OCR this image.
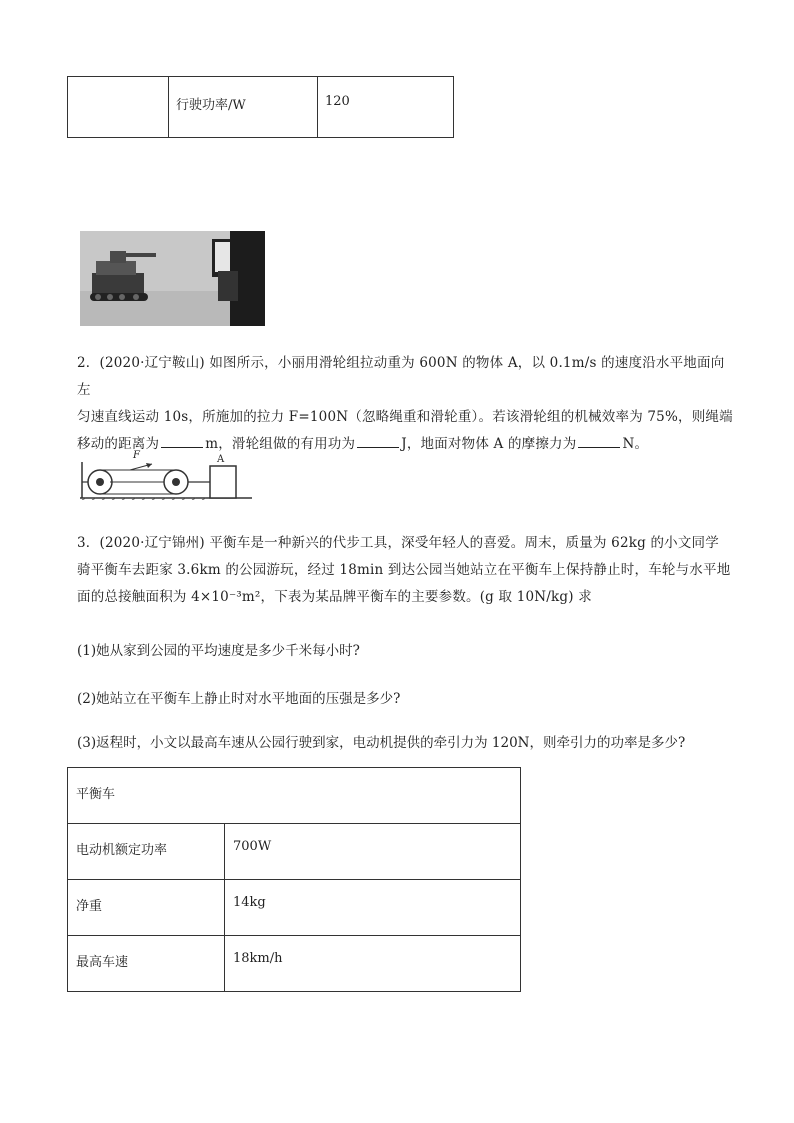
行驶功率/W	120
2．(2020·辽宁鞍山) 如图所示，小丽用滑轮组拉动重为 600N 的物体 A，以 0.1m/s 的速度沿水平地面向左
匀速直线运动 10s，所施加的拉力 F=100N（忽略绳重和滑轮重）。若该滑轮组的机械效率为 75%，则绳端
移动的距离为	m，滑轮组做的有用功为	J，地面对物体 A 的摩擦力为	N。
F	A
3．(2020·辽宁锦州) 平衡车是一种新兴的代步工具，深受年轻人的喜爱。周末，质量为 62kg 的小文同学
骑平衡车去距家 3.6km 的公园游玩，经过 18min 到达公园当她站立在平衡车上保持静止时，车轮与水平地
面的总接触面积为 4×10⁻³m²，下表为某品牌平衡车的主要参数。(g 取 10N/kg) 求
(1)她从家到公园的平均速度是多少千米每小时?
(2)她站立在平衡车上静止时对水平地面的压强是多少?
(3)返程时，小文以最高车速从公园行驶到家，电动机提供的牵引力为 120N，则牵引力的功率是多少?
平衡车	

电动机额定功率	700W

净重	14kg

最高车速	18km/h
